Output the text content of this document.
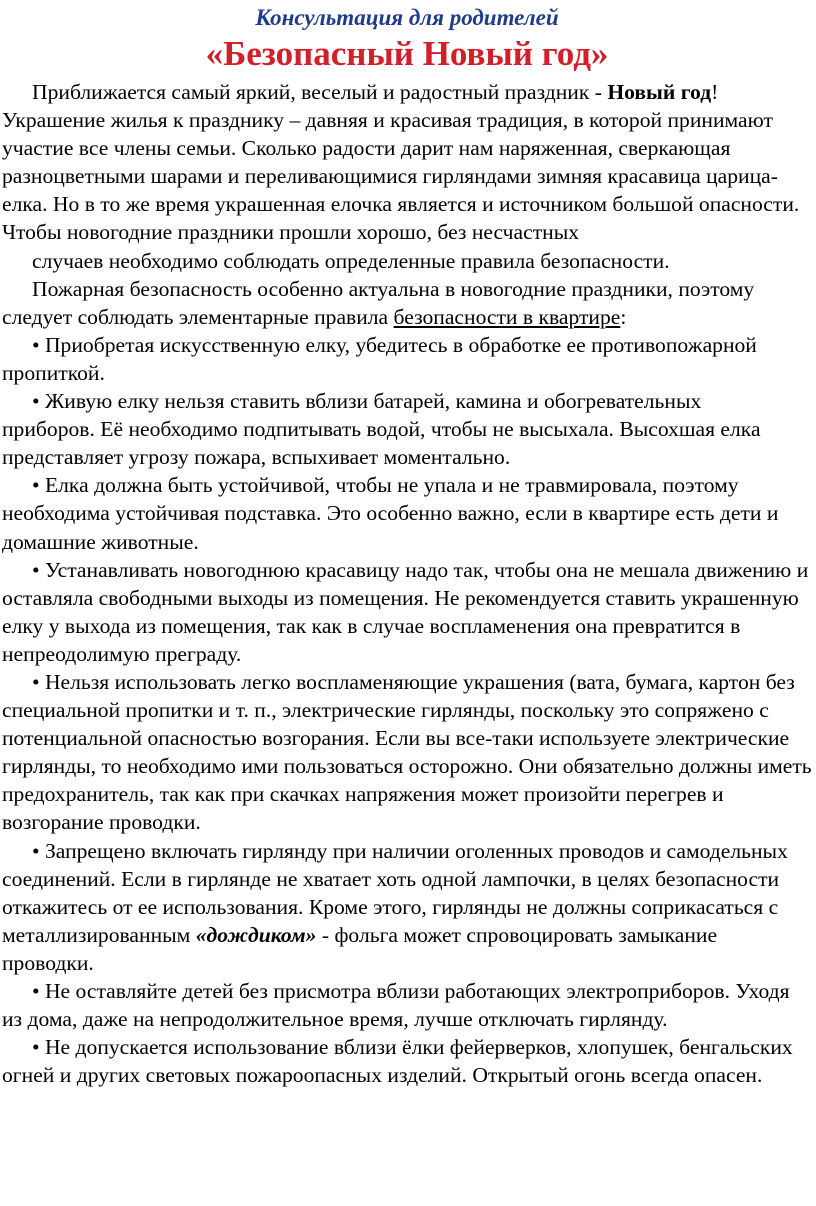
Консультация для родителей
«Безопасный Новый год»

Приближается самый яркий, веселый и радостный праздник - Новый год! Украшение жилья к празднику – давняя и красивая традиция, в которой принимают участие все члены семьи. Сколько радости дарит нам наряженная, сверкающая разноцветными шарами и переливающимися гирляндами зимняя красавица царица-елка. Но в то же время украшенная елочка является и источником большой опасности. Чтобы новогодние праздники прошли хорошо, без несчастных

случаев необходимо соблюдать определенные правила безопасности.

Пожарная безопасность особенно актуальна в новогодние праздники, поэтому следует соблюдать элементарные правила безопасности в квартире:

• Приобретая искусственную елку, убедитесь в обработке ее противопожарной пропиткой.

• Живую елку нельзя ставить вблизи батарей, камина и обогревательныхприборов. Её необходимо подпитывать водой, чтобы не высыхала. Высохшая елка представляет угрозу пожара, вспыхивает моментально.

• Елка должна быть устойчивой, чтобы не упала и не травмировала, поэтому необходима устойчивая подставка. Это особенно важно, если в квартире есть дети и домашние животные.

• Устанавливать новогоднюю красавицу надо так, чтобы она не мешала движению и оставляла свободными выходы из помещения. Не рекомендуется ставить украшенную елку у выхода из помещения, так как в случае воспламенения она превратится в непреодолимую преграду.

• Нельзя использовать легко воспламеняющие украшения (вата, бумага, картон без специальной пропитки и т. п., электрические гирлянды, поскольку это сопряжено с потенциальной опасностью возгорания. Если вы все-таки используете электрические гирлянды, то необходимо ими пользоваться осторожно. Они обязательно должны иметь предохранитель, так как при скачках напряжения может произойти перегрев и возгорание проводки.

• Запрещено включать гирлянду при наличии оголенных проводов и самодельных соединений. Если в гирлянде не хватает хоть одной лампочки, в целях безопасности откажитесь от ее использования. Кроме этого, гирлянды не должны соприкасаться с металлизированным «дождиком» - фольга может спровоцировать замыкание проводки.

• Не оставляйте детей без присмотра вблизи работающих электроприборов. Уходя из дома, даже на непродолжительное время, лучше отключать гирлянду.

• Не допускается использование вблизи ёлки фейерверков, хлопушек, бенгальских огней и других световых пожароопасных изделий. Открытый огонь всегда опасен.
